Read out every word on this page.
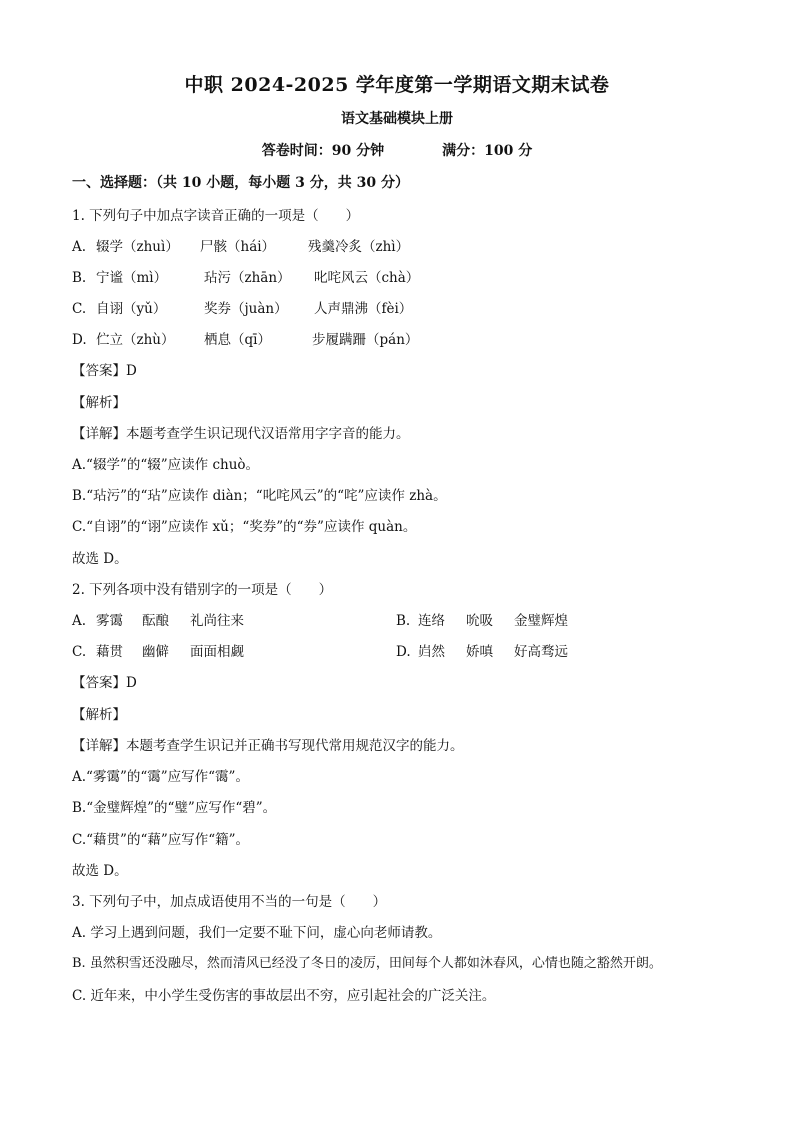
中职 2024-2025 学年度第一学期语文期末试卷
语文基础模块上册
答卷时间：90 分钟	满分：100 分
一、选择题：（共 10 小题，每小题 3 分，共 30 分）
1. 下列句子中加点字读音正确的一项是（　　）
A. 辍学（zhuì） 尸骸（hái） 残羹冷炙（zhì）
B. 宁谧（mì）	玷污（zhān） 叱咤风云（chà）
C. 自诩（yǔ）	奖券（juàn） 人声鼎沸（fèi）
D. 伫立（zhù） 栖息（qī）	步履蹒跚（pán）
【答案】D
【解析】
【详解】本题考查学生识记现代汉语常用字字音的能力。
A.“辍学”的“辍”应读作 chuò。
B.“玷污”的“玷”应读作 diàn；“叱咤风云”的“咤”应读作 zhà。
C.“自诩”的“诩”应读作 xǔ；“奖券”的“券”应读作 quàn。
故选 D。
2. 下列各项中没有错别字的一项是（　　）
A. 雾霭 酝酿 礼尚往来	B. 连络 吮吸 金璧辉煌
C. 藉贯 幽僻 面面相觑	D. 岿然 娇嗔 好高骛远
【答案】D
【解析】
【详解】本题考查学生识记并正确书写现代常用规范汉字的能力。
A.“雾霭”的“霭”应写作“霭”。
B.“金璧辉煌”的“璧”应写作“碧”。
C.“藉贯”的“藉”应写作“籍”。
故选 D。
3. 下列句子中，加点成语使用不当的一句是（　　）
A. 学习上遇到问题，我们一定要不耻下问，虚心向老师请教。
B. 虽然积雪还没融尽，然而清风已经没了冬日的凌厉，田间每个人都如沐春风，心情也随之豁然开朗。
C. 近年来，中小学生受伤害的事故层出不穷，应引起社会的广泛关注。
